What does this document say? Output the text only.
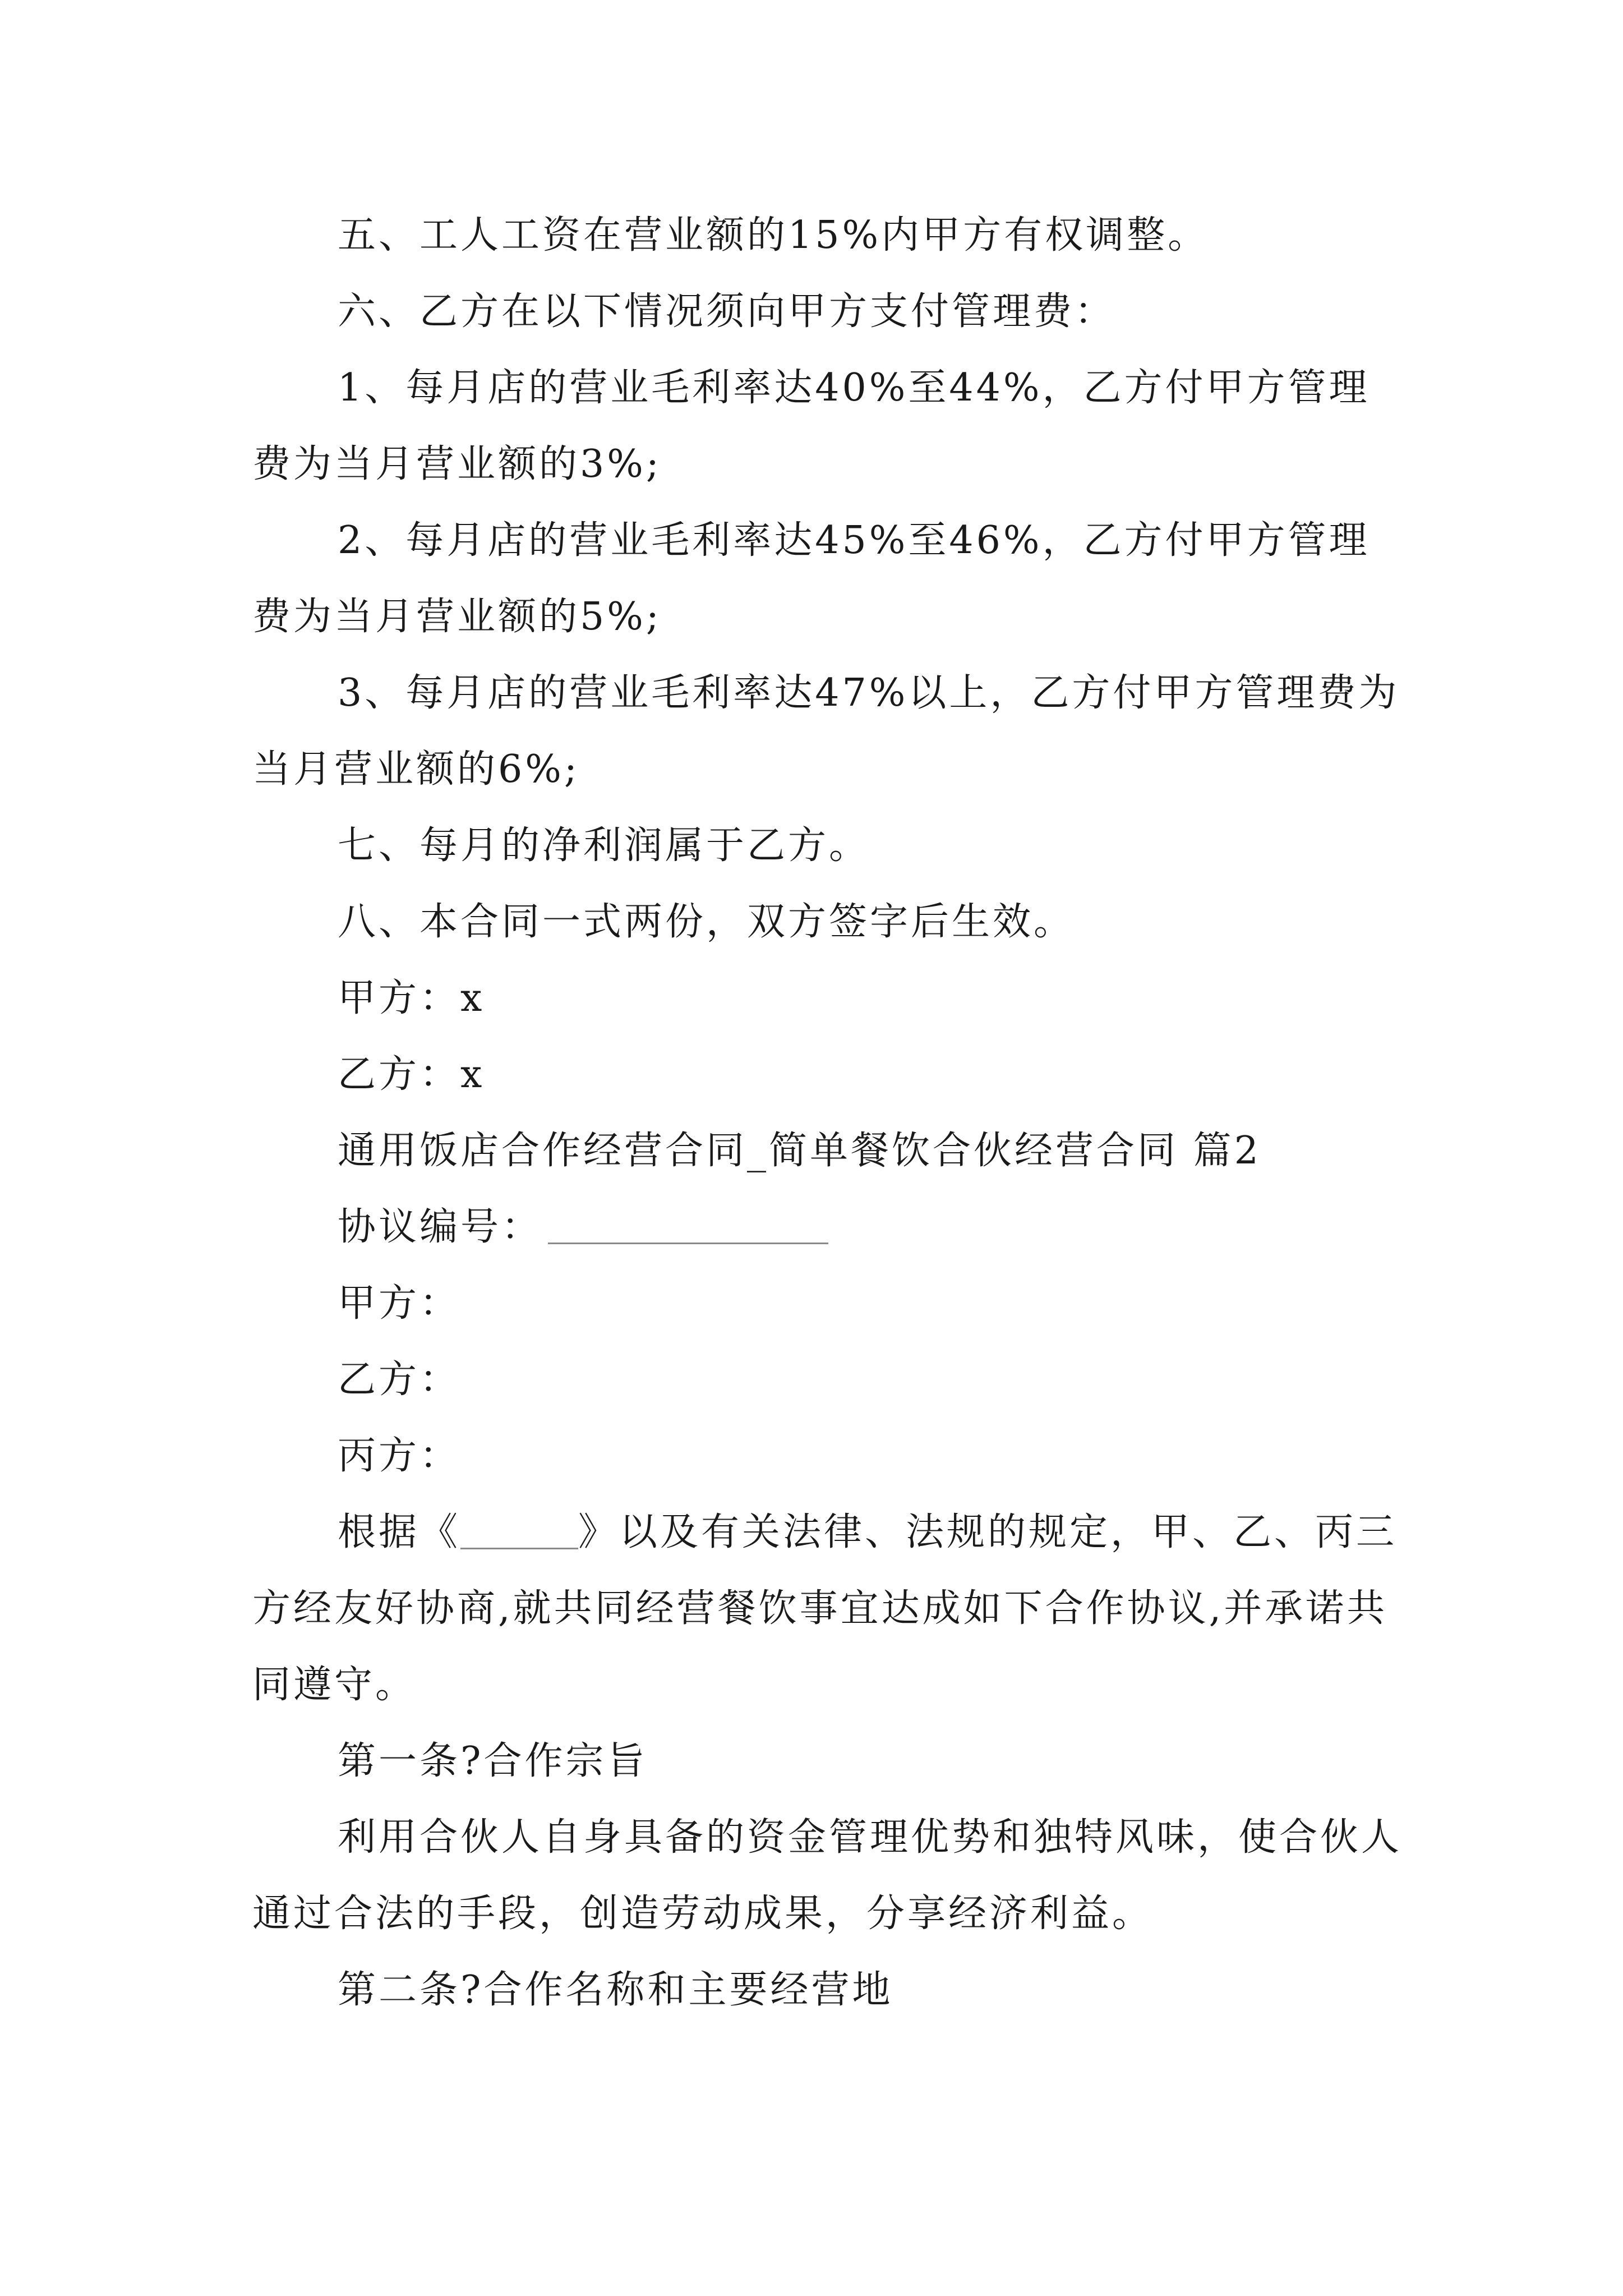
五、工人工资在营业额的15%内甲方有权调整。

六、乙方在以下情况须向甲方支付管理费：

1、每月店的营业毛利率达40%至44%，乙方付甲方管理费为当月营业额的3%;

2、每月店的营业毛利率达45%至46%，乙方付甲方管理费为当月营业额的5%;

3、每月店的营业毛利率达47%以上，乙方付甲方管理费为当月营业额的6%;

七、每月的净利润属于乙方。

八、本合同一式两份，双方签字后生效。

甲方：x

乙方：x

通用饭店合作经营合同_简单餐饮合伙经营合同 篇2

协议编号：

甲方：

乙方：

丙方：

根据《	》以及有关法律、法规的规定，甲、乙、丙三方经友好协商,就共同经营餐饮事宜达成如下合作协议,并承诺共同遵守。

第一条?合作宗旨

利用合伙人自身具备的资金管理优势和独特风味，使合伙人通过合法的手段，创造劳动成果，分享经济利益。

第二条?合作名称和主要经营地
